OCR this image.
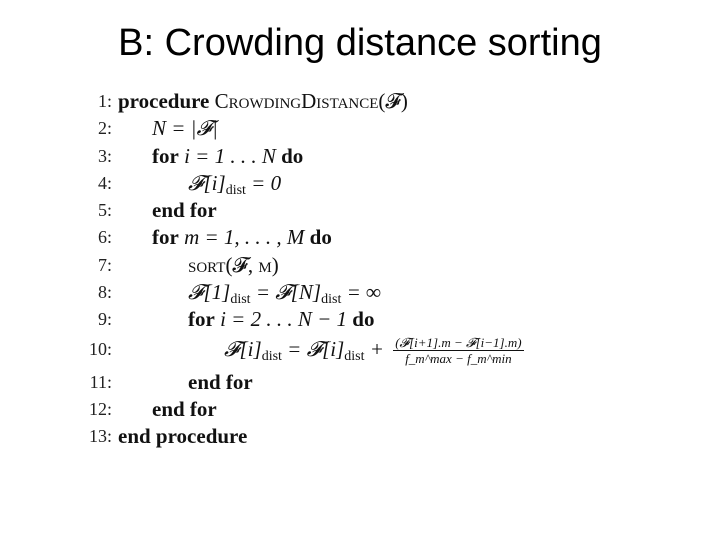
B: Crowding distance sorting
1: procedure CrowdingDistance(𝓕)
2: N = |𝓕|
3: for i = 1 . . . N do
4:	$𝓕[i]_{dist} = 0$
5: end for
6: for m = 1, . . . , M do
7:	sort(𝓕, m)
8:	$𝓕[1]_{dist}$ = $𝓕[N]_{dist}$ = ∞
9:	for i = 2 . . . N − 1 do
10:	$𝓕[i]_{dist}$ = $𝓕[i]_{dist} + \frac{\text{(𝓕[i+1].m − 𝓕[i−1].m)}}{f\_m\^{}\max - f\_m\^{}\min}$
11:	end for
12: end for
13: end procedure
